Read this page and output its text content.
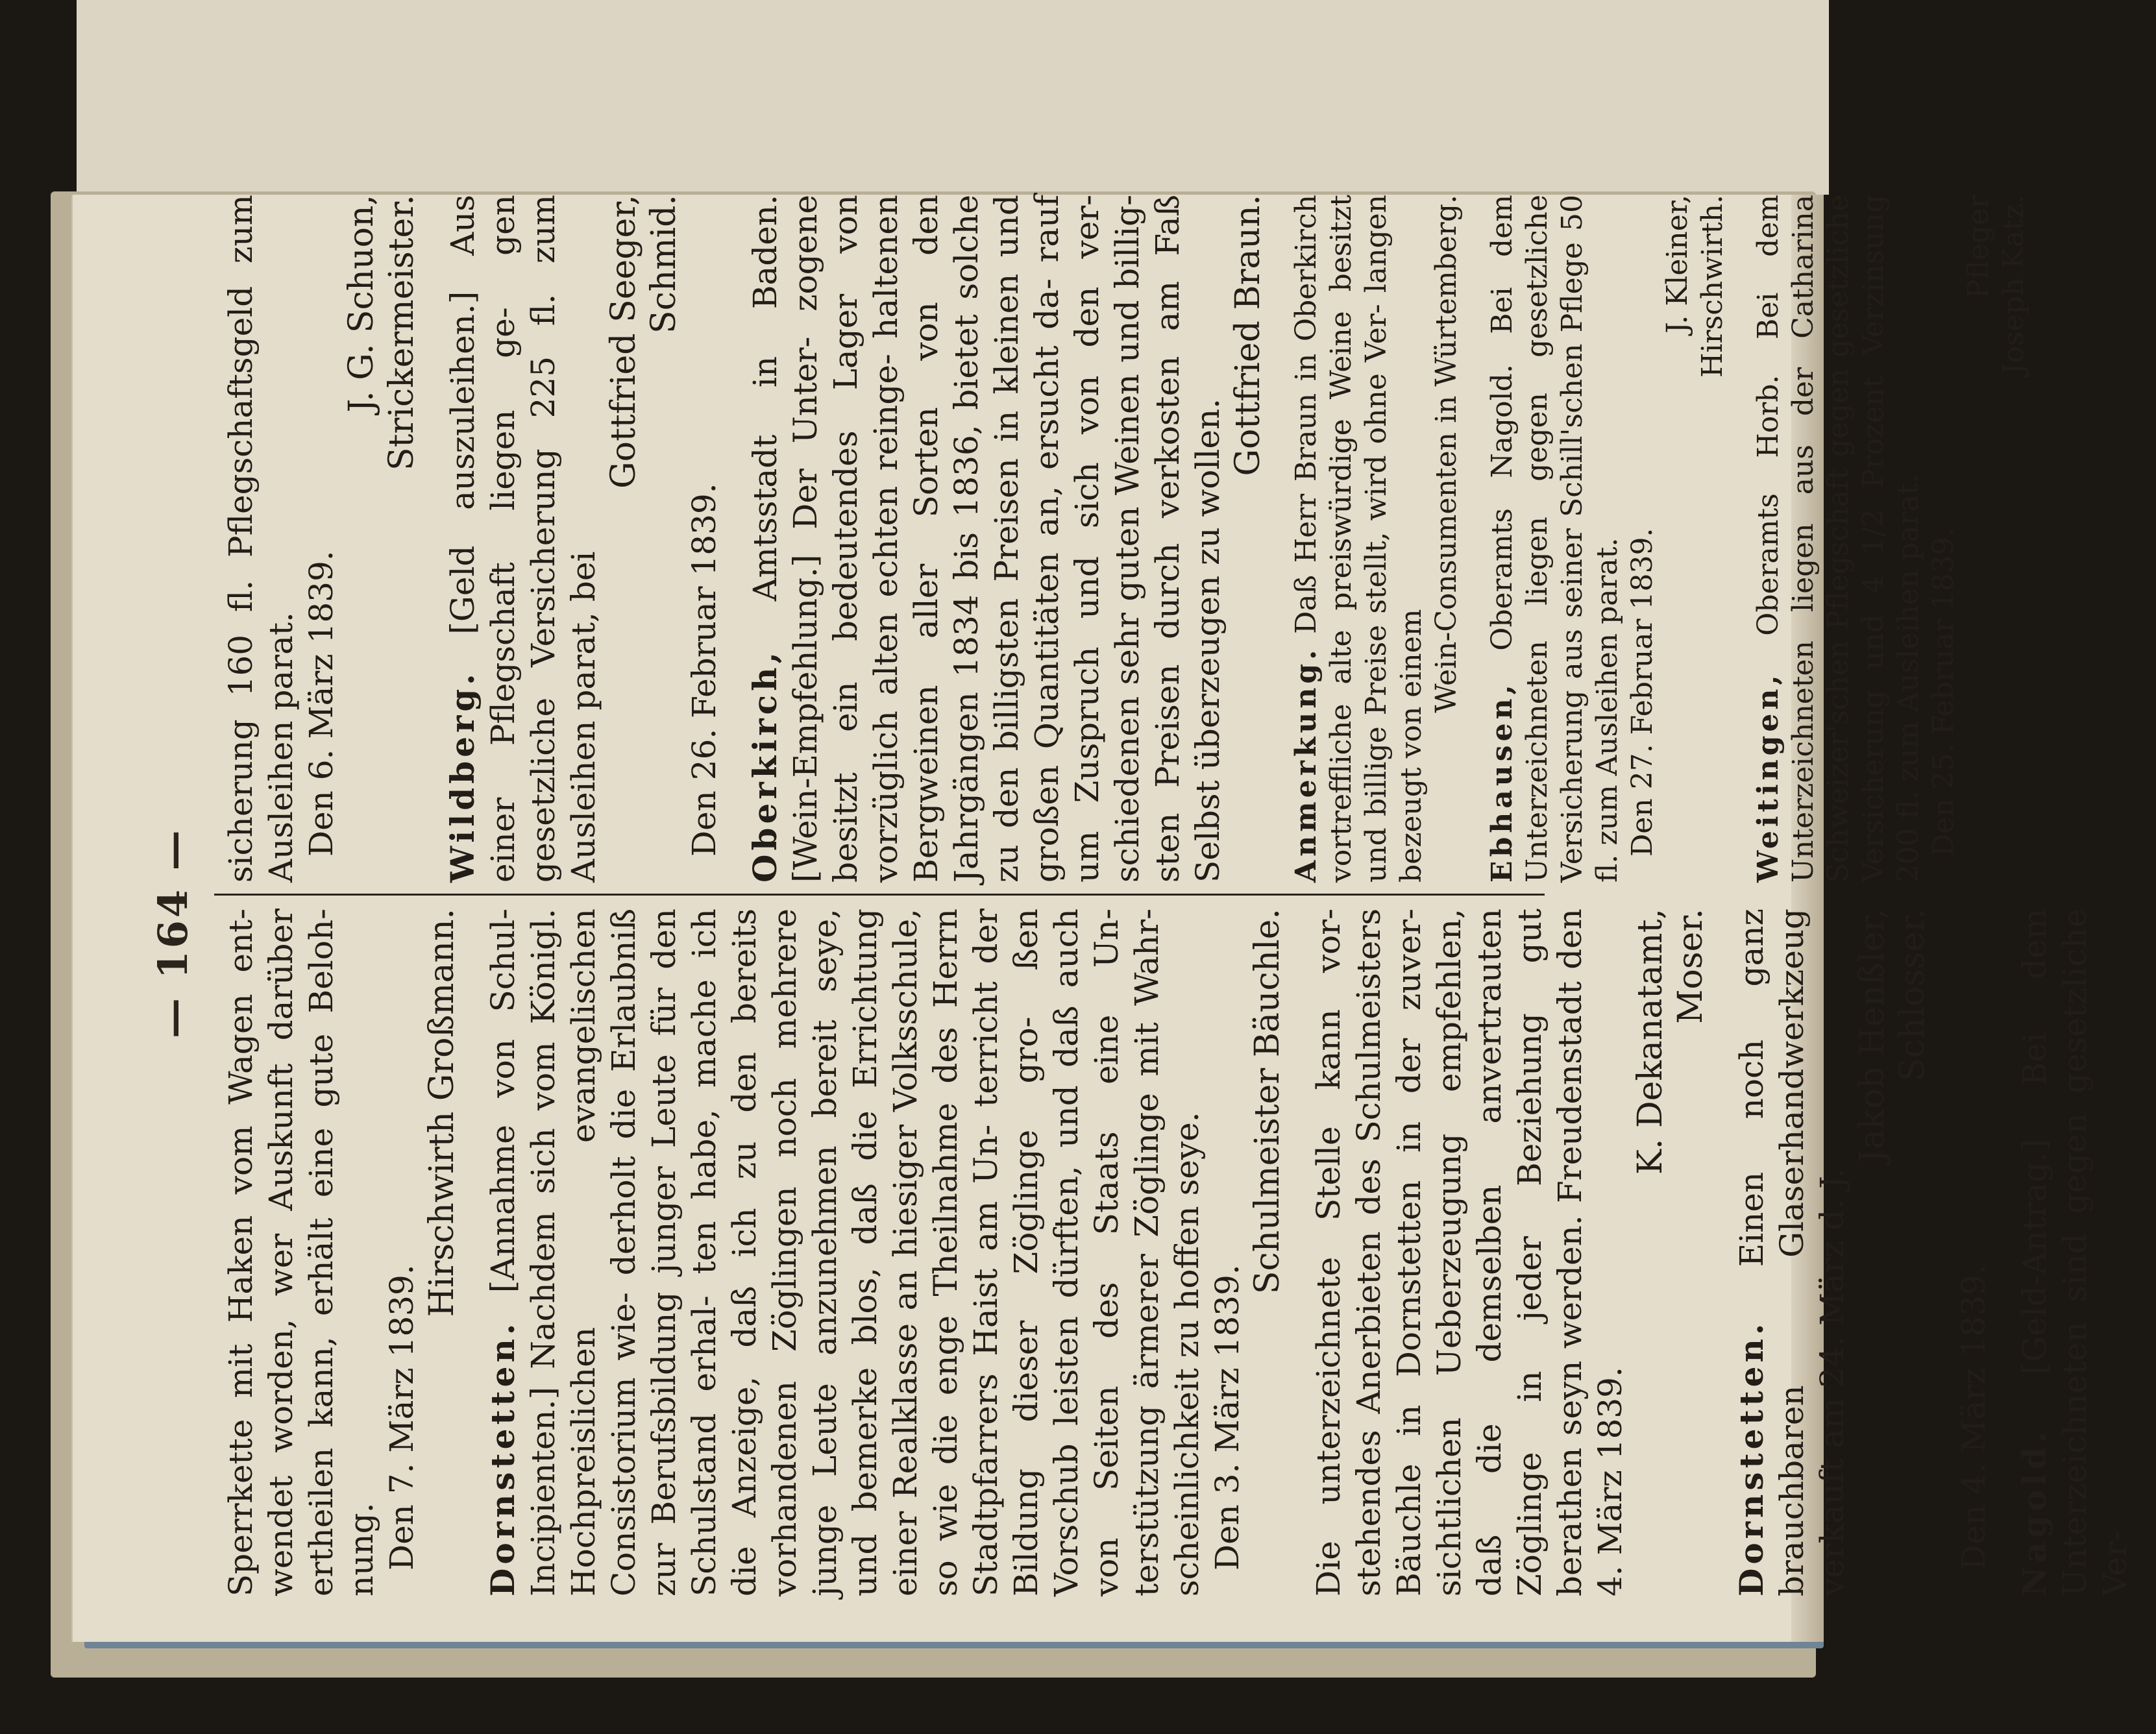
— 164 — Sperrkette mit Haken vom Wagen ent- wendet worden, wer Auskunft darüber ertheilen kann, erhält eine gute Beloh- nung. Den 7. März 1839.

Hirschwirth Großmann.

Dornstetten. [Annahme von Schul-Incipienten.] Nachdem sich vom Königl. Hochpreislichen evangelischen Consistorium wie- derholt die Erlaubniß zur Berufsbildung junger Leute für den Schulstand erhal- ten habe, mache ich die Anzeige, daß ich zu den bereits vorhandenen Zöglingen noch mehrere junge Leute anzunehmen bereit seye, und bemerke blos, daß die Errichtung einer Realklasse an hiesiger Volksschule, so wie die enge Theilnahme des Herrn Stadtpfarrers Haist am Un- terricht der Bildung dieser Zöglinge gro- ßen Vorschub leisten dürften, und daß auch von Seiten des Staats eine Un- terstützung ärmerer Zöglinge mit Wahr- scheinlichkeit zu hoffen seye. Den 3. März 1839.

Schulmeister Bäuchle. Die unterzeichnete Stelle kann vor- stehendes Anerbieten des Schulmeisters Bäuchle in Dornstetten in der zuver- sichtlichen Ueberzeugung empfehlen, daß die demselben anvertrauten Zöglinge in jeder Beziehung gut berathen seyn werden. Freudenstadt den 4. März 1839.

K. Dekanatamt, Moser.

Dornstetten. Einen noch ganz brauchbaren Glaserhandwerkzeug verkauft am 24. März d. J.

Jakob Henßler, Schlosser.

Den 4. März 1839. Nagold. [Geld-Antrag.] Bei dem Unterzeichneten sind gegen gesetzliche Ver-

sicherung 160 fl. Pflegschaftsgeld zum Ausleihen parat. Den 6. März 1839.

J. G. Schuon, Strickermeister.

Wildberg. [Geld auszuleihen.] Aus einer Pflegschaft liegen ge- gen gesetzliche Versicherung 225 fl. zum Ausleihen parat, bei

Gottfried Seeger, Schmid.

Den 26. Februar 1839. Oberkirch, Amtsstadt in Baden. [Wein-Empfehlung.] Der Unter- zogene besitzt ein bedeutendes Lager von vorzüglich alten echten reinge- haltenen Bergweinen aller Sorten von den Jahrgängen 1834 bis 1836, bietet solche zu den billigsten Preisen in kleinen und großen Quantitäten an, ersucht da- rauf um Zuspruch und sich von den ver- schiedenen sehr guten Weinen und billig- sten Preisen durch verkosten am Faß Selbst überzeugen zu wollen.

Gottfried Braun.

Anmerkung. Daß Herr Braun in Oberkirch vortreffliche alte preiswürdige Weine besitzt und billige Preise stellt, wird ohne Ver- langen bezeugt von einem

Wein-Consumenten in Würtemberg.

Ebhausen, Oberamts Nagold. Bei dem Unterzeichneten liegen gegen gesetzliche Versicherung aus seiner Schill'schen Pflege 50 fl. zum Ausleihen parat. Den 27. Februar 1839.

J. Kleiner, Hirschwirth.

Weitingen, Oberamts Horb. Bei dem Unterzeichneten liegen aus der Catharina Schweizer'schen Pflegschaft gegen gesetzliche Versicherung und 4 1/2 Prozent Verzinsung 200 fl. zum Ausleihen parat. Den 25. Februar 1839.

Pfleger Joseph Katz.
